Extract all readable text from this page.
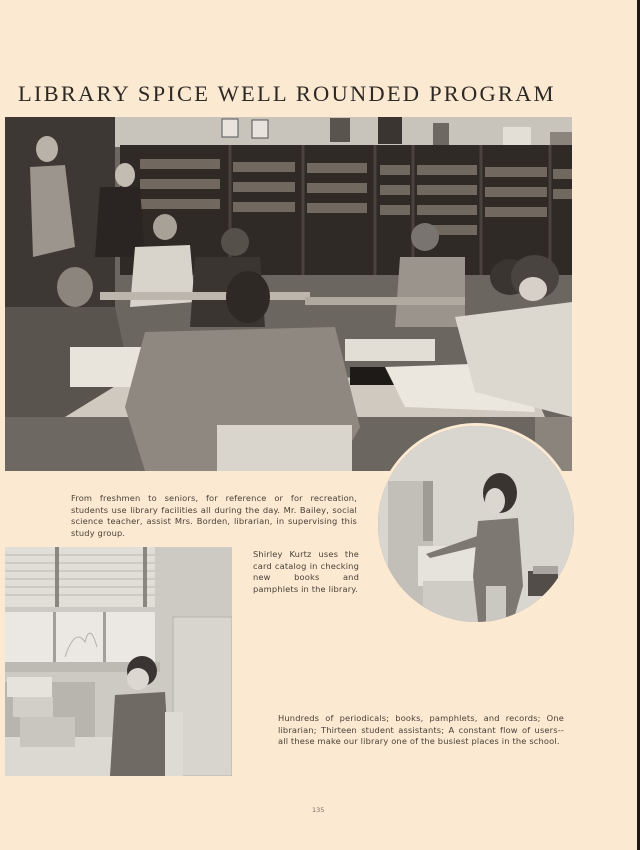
LIBRARY SPICE WELL ROUNDED PROGRAM

From freshmen to seniors, for reference or for recreation, students use library facilities all during the day. Mr. Bailey, social science teacher, assist Mrs. Borden, librarian, in supervising this study group.

Shirley Kurtz uses the card catalog in checking new books and pamphlets in the library.

Hundreds of periodicals; books, pamphlets, and records; One librarian; Thirteen student assistants; A constant flow of users-- all these make our library one of the busiest places in the school.

135
